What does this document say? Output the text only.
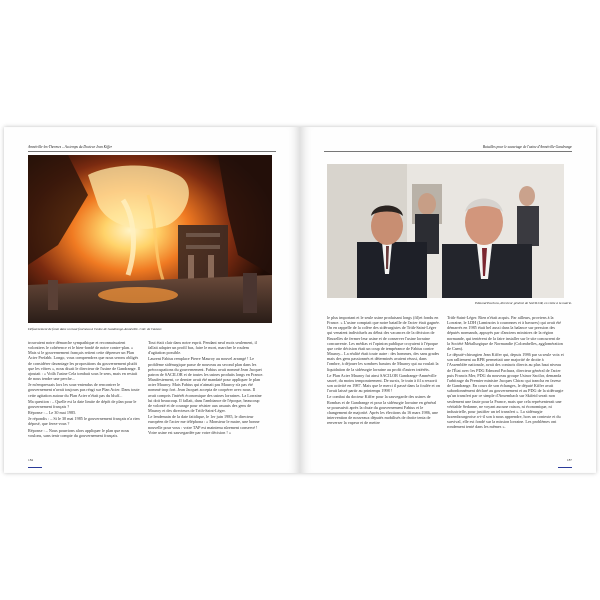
Amnéville-les-Thermes – Au temps du Docteur Jean Kiffer
Défournement de fonte dans un haut fourneau à l'usine de Gandrange-Amnéville. Coll. de l'auteur.

trouvaient notre démarche sympathique et reconnaissaient volontiers le cohérence et le bien-fondé de notre contre-plan. « Mais si le gouvernement français retient cette dépenser un Plan Acier Prefabb. Longo, vous comprendrez que nous serons obligés de considérer davantage les propositions du gouvernement plutôt que les vôtres », nous disait le directeur de l'usine de Gandrange. Il ajoutait : « Voilà l'usine Cela tombait sous le sens, mais en restait de nous tendre une perche...

Je m'empressais lors les sous-entendus de rencontrer le gouvernement n'avait toujours pas réagi sur Plan Acier. Dans toute cette agitation autour du Plan Acier n'était pas du bluff...

Ma question : – Quelle est la date limite de dépôt de plan pour le gouvernement français ?

Réponse : – Le 30 mai 1985.

Je répondis : – Si le 30 mai 1985 le gouvernement français n'a rien déposé, que ferez-vous ?

Réponse : – Nous pourrions alors appliquer le plan que nous voulons, sans tenir compte du gouvernement français.

Tout était clair dans notre esprit. Pendant neuf mois seulement, il fallait adapter un profil bas, faire le mort, marcher le roulem d'agitation possible.

Laurent Fabius remplace Pierre Mauroy au nouvel arrangé ! Le problème sidérurgique passe de nouveau au second plan dans les préoccupations du gouvernement. Fabius avait nommé Jean Jacquet patron de SACILOR et de toutes les usines produits longs en France. Manifestement, ce dernier avait été mandaté pour appliquer le plan acier Mauroy. Mais Fabius qui n'aimait pas Mauroy n'a pas été nommé trop fort. Jean Jacquet accepta de coopérer avec nous. Il avait compris l'intérêt économique des usines lorraines. La Lorraine lui doit beaucoup. Il fallait, dans l'ambiance de l'époque, beaucoup de volonté et de courage pour résister aux assauts des gens de Mauroy et des directeurs de Trith-Saint-Léger.

Le lendemain de la date fatidique, le 1er juin 1985, le directeur européen de l'acier me téléphona : « Monsieur le maire, une bonne nouvelle pour vous : votre TAP est maintenu sûrement conservé ! Votre usine est sauvegardée par votre décision ! »

184
Batailles pour le sauvetage de l'usine d'Amnéville-Gandrange
Edmond Pachura, directeur général de SACILOR, en visite à la mairie.

le plus important et le seule usine produisant longs (fil)et fondu en France. » L'usine comptait que notre bataille de l'acier était gagnée. On en rappelle de la colère des sidérurgistes de Trith-Saint-Léger qui venaient individuels au début des vacances de la décision de Bruxelles de fermer leur usine et de conserver l'usine lorraine concurrente. Les médias et l'opinion publique croyaient à l'époque que cette décision était un coup de tempérance de Fabius contre Mauroy... La réalité était toute autre : des hommes, des sans grades mais des gens passionnés et déterminés avaient réussi, dans l'ombre, à déjouer les sombres bassins de Mauroy qui au voulait la liquidation de la sidérurgie lorraine au profit d'autres intérêts.

Le Plan Acier Mauroy fut ainsi SACILOR Gandrange-Amnéville sauvé, du moins temporairement. De sursis, le train à fil a ressorti son activité en 1987. Mais que le merci il passé dans la foulée et on l'avait laissé partir au printemps 1998 !

Le combat du docteur Kiffer pour la sauvegarde des usines de Rombas et de Gandrange et pour la sidérurgie lorraine en général se poursuivit après la chute du gouvernement Fabius et le changement de majorité. Après les élections du 16 mars 1986, une intervention de nouveaux députés mobilisés de droite tenta de renverser la vapeur et de mettre

Trith-Saint-Léger. Rien n'était acquis. Par ailleurs, proviens à la Lorraine, le LDH (Laminoirs à couronnes et à bavures) qui avait été démarrés en 1985 était bel aussi dans la balance sur pression des députés normands, appuyés par d'anciens ministres de la région normande, qui tentèrent de la faire installer sur le site concurrent de la Société Métallurgique de Normandie (Colombelles, agglomération de Caen).

Le député-chirurgien Jean Kiffer qui, depuis 1986 par sa seule voix et son ralliement au RPR permettait une majorité de droite à l'Assemblée nationale, avait des contacts directs au plus haut niveau de l'État avec les PDG Edmond Pachura, directeur général de l'acier puis Francis Mer, PDG du nouveau groupe Usinor Sacilor, demanda l'arbitrage du Premier ministre Jacques Chirac qui trancha en faveur de Gandrange. En cours de son échanges, le député Kiffer avait subordonnément déclaré au gouvernement et au PDG de la sidérurgie qu'un transfert par ce simple d'Ansembach sur Skifeid serait non seulement une faute pour la France, mais que cela représenterait une véritable Sedanne, ne voyant aucune raison, ni économique, ni industrielle, pour justifier un tel transfert ». La sidérurgie luxembourgeoise a-t-il son à nous apprendre, hors un contexte et du survival, elle est fondé sur la mission lorraine. Les problèmes ont rondement tenté dans les mêmes ».

187
